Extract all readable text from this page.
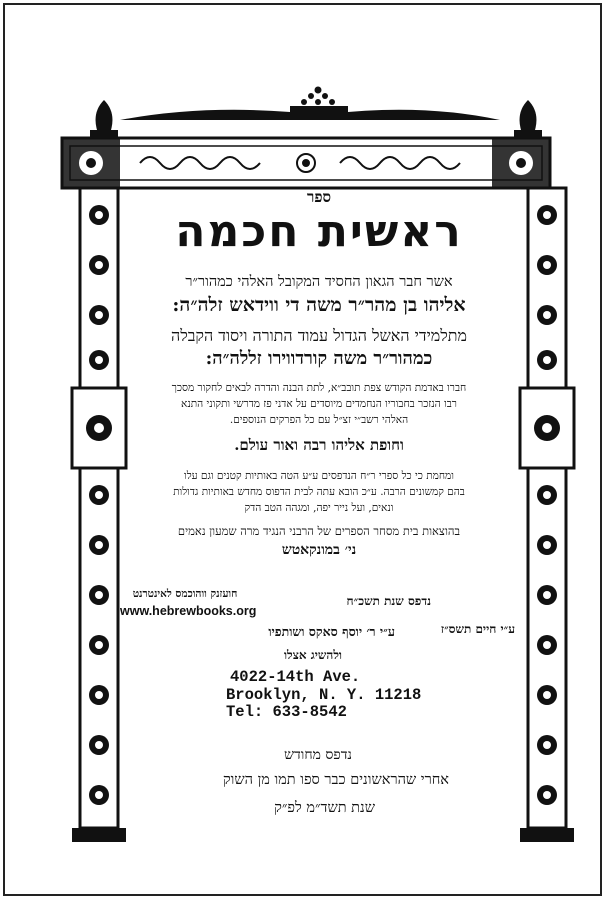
ספר
ראשית חכמה
אשר חבר הגאון החסיד המקובל האלהי כמהור״ר
אליהו בן מהר״ר משה די ווידאש זלה״ה:
מתלמידי האשל הגדול עמוד התורה ויסוד הקבלה
כמהור״ר משה קורדווירו זללה״ה:
חברו באדמת הקודש צפת תובב״א, לתת הבנה והדרה לבאים לחקור מסכך
רבו הנזכר בחבוריו הנחמדים מיוסדים על אדני פז מדרשי ותקוני התנא
האלהי רשב״י זצ״ל עם כל הפרקים הנוספים.
וחופת אליהו רבה ואור עולם.
ומחמת כי כל ספרי ר״ח הנדפסים ע״ע הטה באותיות קטנים וגם עלו
בהם קמשונים הרבה. ע״כ הובא עתה לבית הדפוס מחדש באותיות גדולות
ונאים, ועל נייר יפה, ומגהה הטב הדק
בהוצאות בית מסחר הספרים של הרבני הנגיד מרה שמעון נאמים
ני׳ במונקאטש
חועזנק ווהוכמס לאינטרנט
www.hebrewbooks.org
נדפס שנת תשכ״ח
ע״י חיים תשס״ז
ע״י ר׳ יוסף סאקס ושותפיו
ולהשיג אצלו
4022-14th Ave.
Brooklyn, N. Y. 11218
Tel: 633-8542
נדפס מחודש
אחרי שהראשונים כבר ספו תמו מן השוק
שנת תשד״מ לפ״ק
